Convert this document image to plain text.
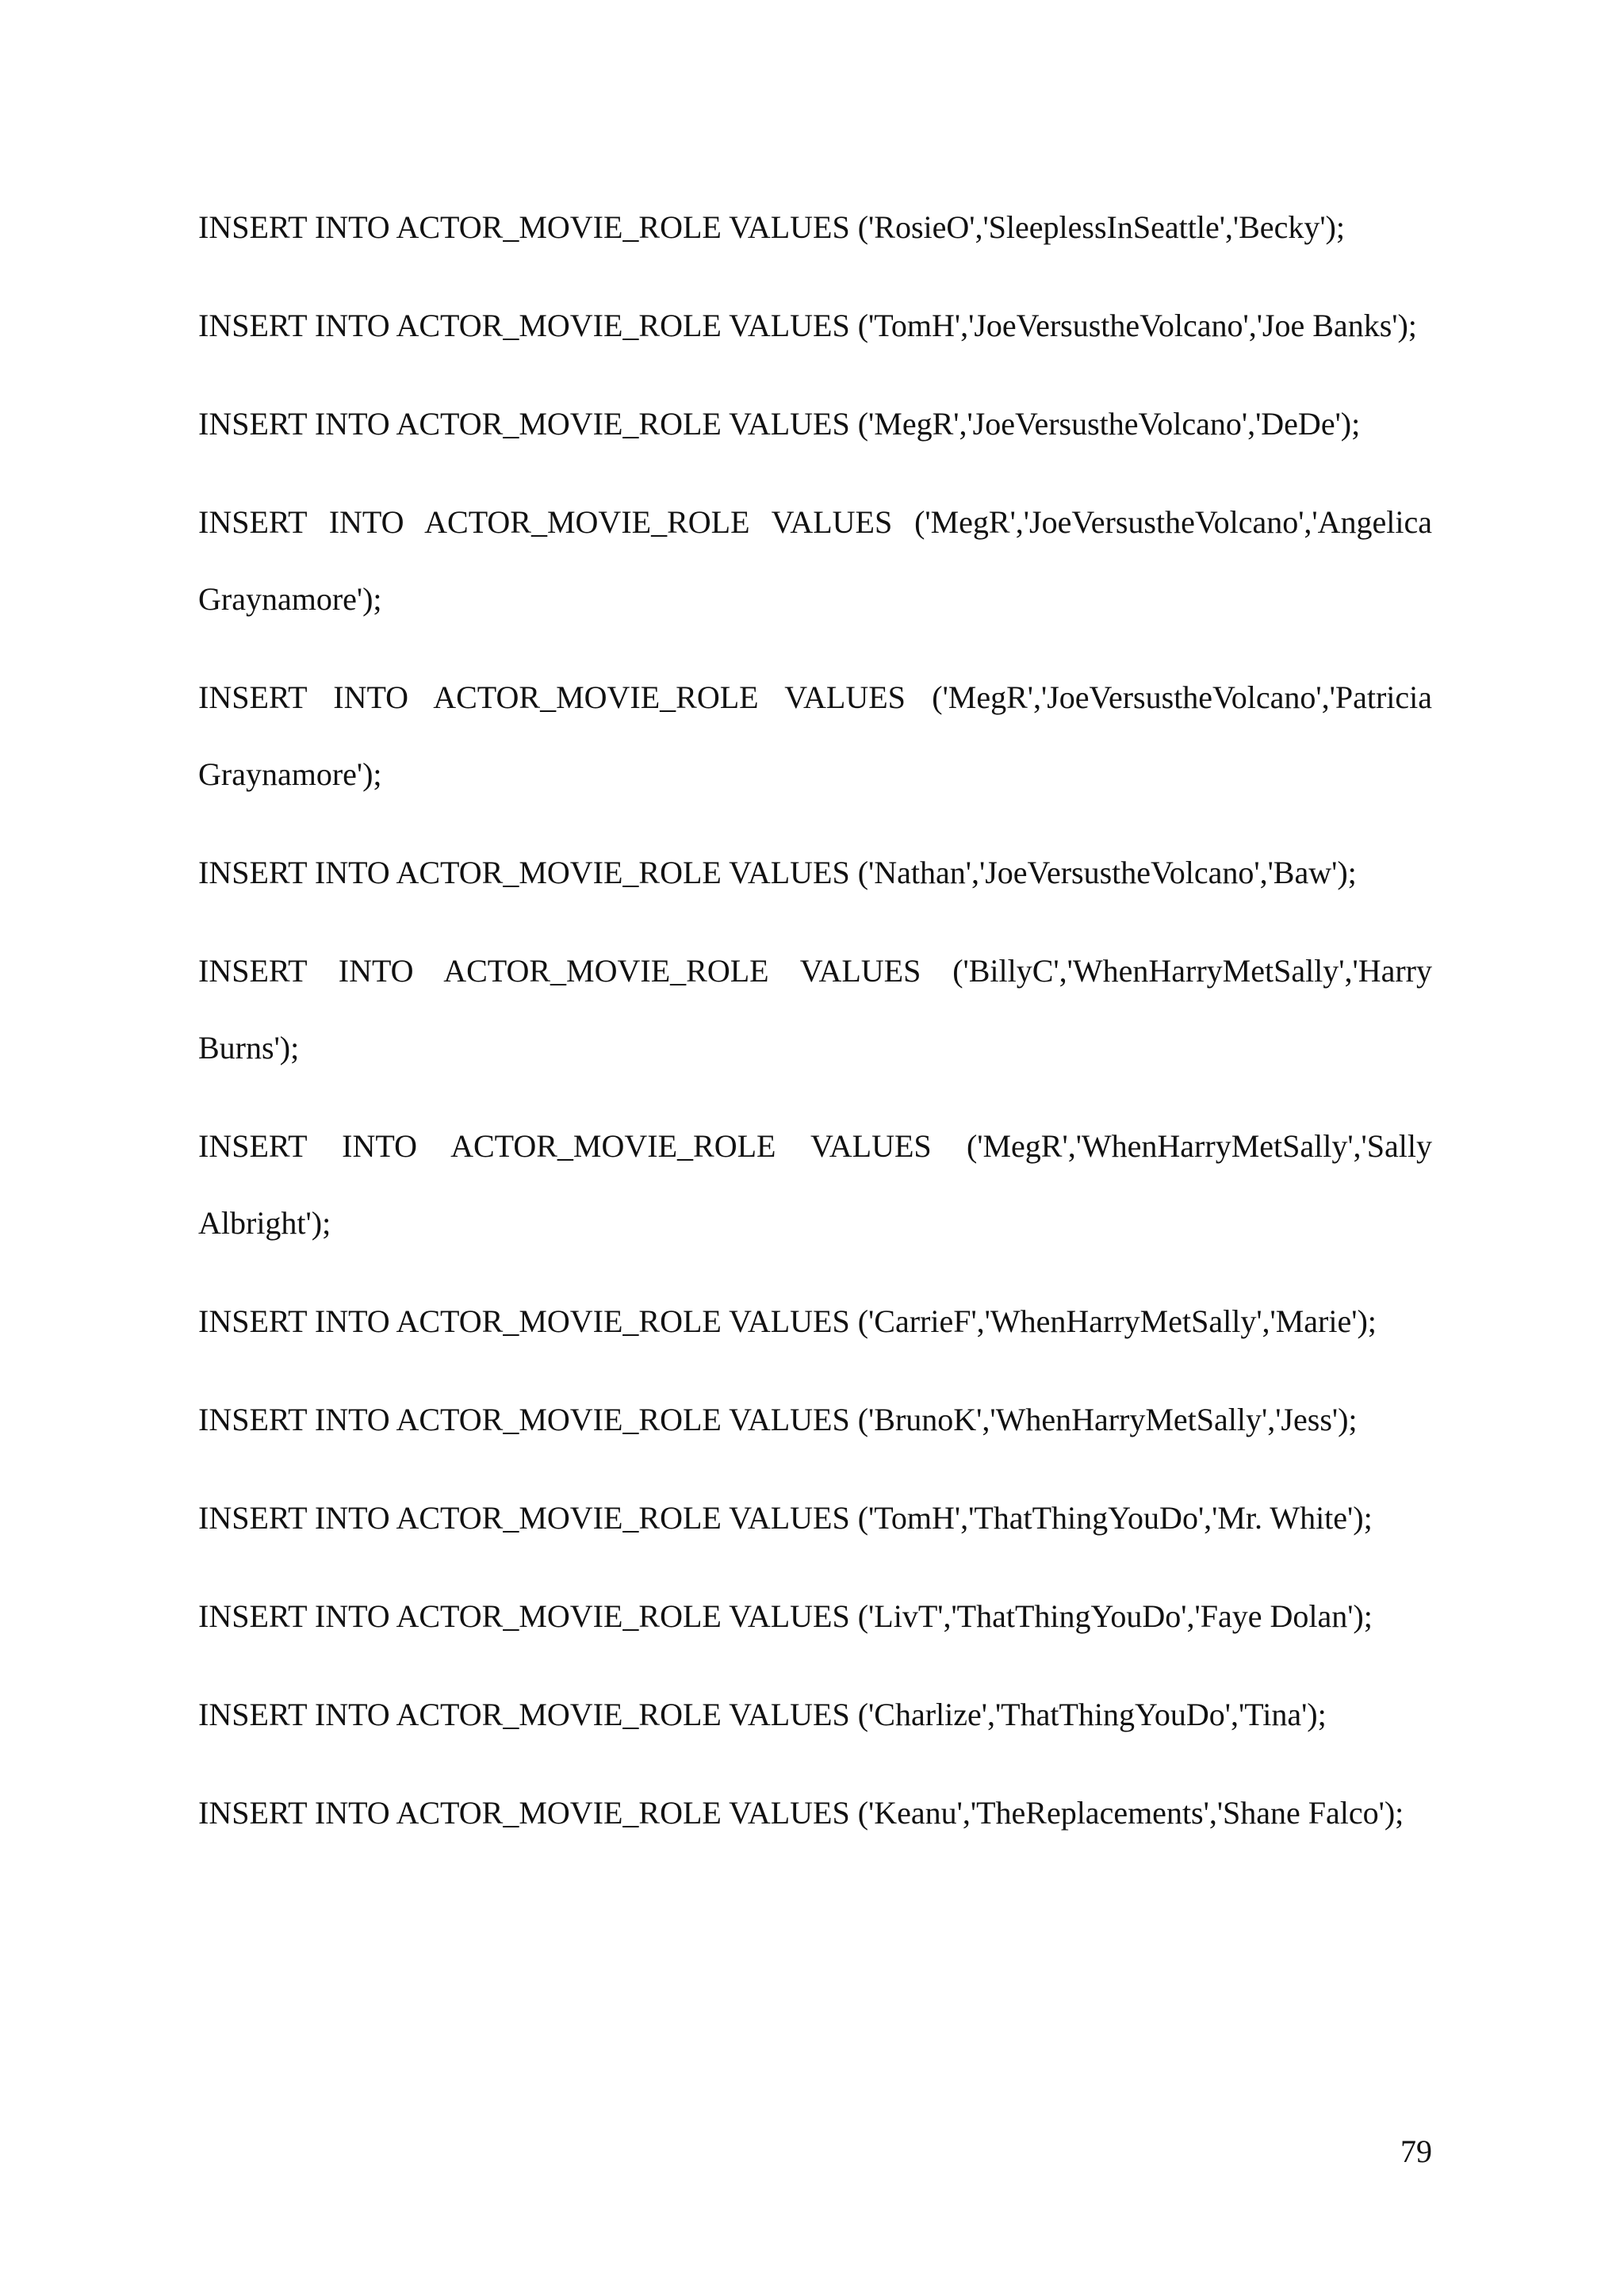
INSERT INTO ACTOR_MOVIE_ROLE VALUES ('RosieO','SleeplessInSeattle','Becky');

INSERT INTO ACTOR_MOVIE_ROLE VALUES ('TomH','JoeVersustheVolcano','Joe Banks');

INSERT INTO ACTOR_MOVIE_ROLE VALUES ('MegR','JoeVersustheVolcano','DeDe');

INSERT INTO ACTOR_MOVIE_ROLE VALUES ('MegR','JoeVersustheVolcano','Angelica Graynamore');

INSERT INTO ACTOR_MOVIE_ROLE VALUES ('MegR','JoeVersustheVolcano','Patricia Graynamore');

INSERT INTO ACTOR_MOVIE_ROLE VALUES ('Nathan','JoeVersustheVolcano','Baw');

INSERT INTO ACTOR_MOVIE_ROLE VALUES ('BillyC','WhenHarryMetSally','Harry Burns');

INSERT INTO ACTOR_MOVIE_ROLE VALUES ('MegR','WhenHarryMetSally','Sally Albright');

INSERT INTO ACTOR_MOVIE_ROLE VALUES ('CarrieF','WhenHarryMetSally','Marie');

INSERT INTO ACTOR_MOVIE_ROLE VALUES ('BrunoK','WhenHarryMetSally','Jess');

INSERT INTO ACTOR_MOVIE_ROLE VALUES ('TomH','ThatThingYouDo','Mr. White');

INSERT INTO ACTOR_MOVIE_ROLE VALUES ('LivT','ThatThingYouDo','Faye Dolan');

INSERT INTO ACTOR_MOVIE_ROLE VALUES ('Charlize','ThatThingYouDo','Tina');

INSERT INTO ACTOR_MOVIE_ROLE VALUES ('Keanu','TheReplacements','Shane Falco');

79
